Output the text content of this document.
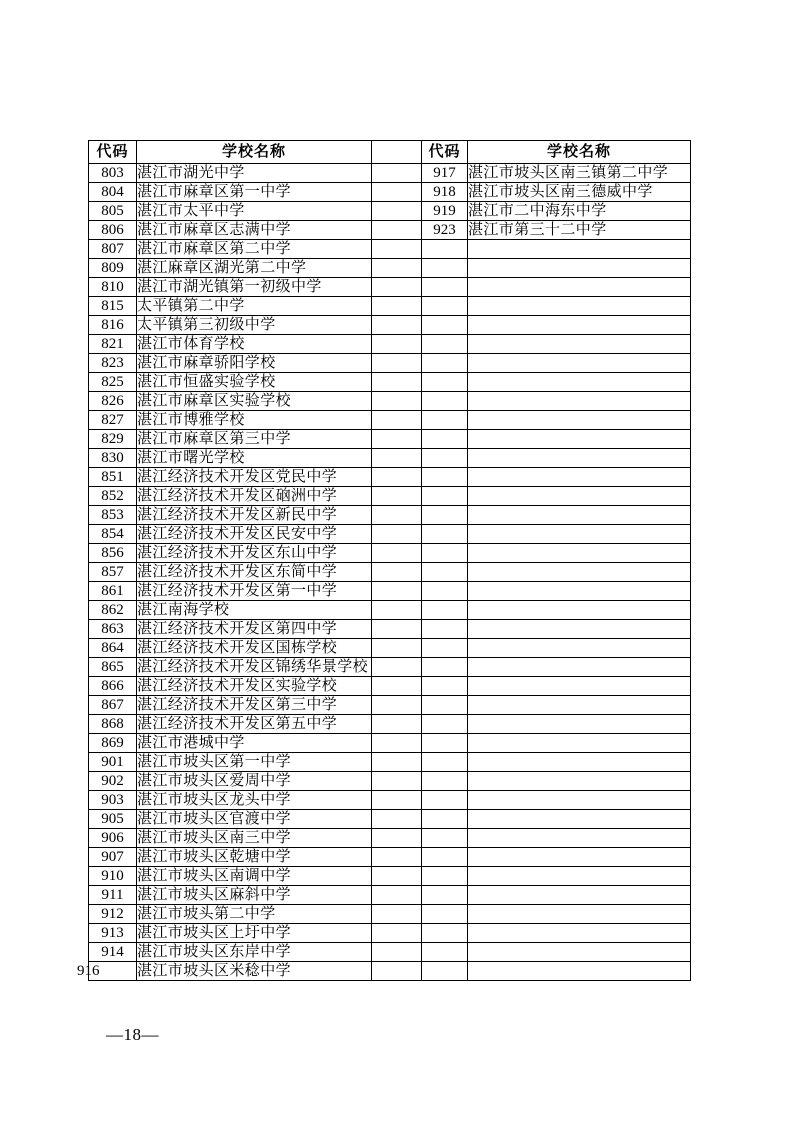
代码	学校名称		代码	学校名称
803	湛江市湖光中学		917	湛江市坡头区南三镇第二中学
804	湛江市麻章区第一中学		918	湛江市坡头区南三德威中学
805	湛江市太平中学		919	湛江市二中海东中学
806	湛江市麻章区志满中学		923	湛江市第三十二中学
807	湛江市麻章区第二中学			
809	湛江麻章区湖光第二中学			
810	湛江市湖光镇第一初级中学			
815	太平镇第二中学			
816	太平镇第三初级中学			
821	湛江市体育学校			
823	湛江市麻章骄阳学校			
825	湛江市恒盛实验学校			
826	湛江市麻章区实验学校			
827	湛江市博雅学校			
829	湛江市麻章区第三中学			
830	湛江市曙光学校			
851	湛江经济技术开发区党民中学			
852	湛江经济技术开发区硇洲中学			
853	湛江经济技术开发区新民中学			
854	湛江经济技术开发区民安中学			
856	湛江经济技术开发区东山中学			
857	湛江经济技术开发区东简中学			
861	湛江经济技术开发区第一中学			
862	湛江南海学校			
863	湛江经济技术开发区第四中学			
864	湛江经济技术开发区国栋学校			
865	湛江经济技术开发区锦绣华景学校			
866	湛江经济技术开发区实验学校			
867	湛江经济技术开发区第三中学			
868	湛江经济技术开发区第五中学			
869	湛江市港城中学			
901	湛江市坡头区第一中学			
902	湛江市坡头区爱周中学			
903	湛江市坡头区龙头中学			
905	湛江市坡头区官渡中学			
906	湛江市坡头区南三中学			
907	湛江市坡头区乾塘中学			
910	湛江市坡头区南调中学			
911	湛江市坡头区麻斜中学			
912	湛江市坡头第二中学			
913	湛江市坡头区上圩中学			
914	湛江市坡头区东岸中学			
916	湛江市坡头区米稔中学			
—18—
